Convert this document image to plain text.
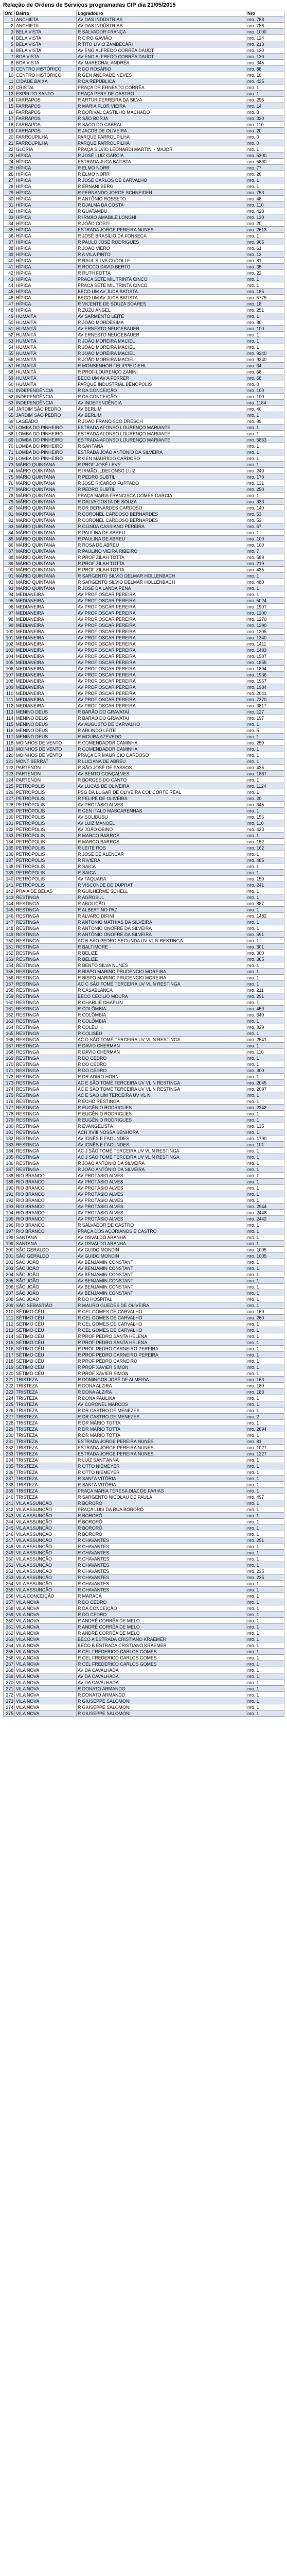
Relação de Ordens de Serviços programadas CIP dia 21/05/2015
Ord	Bairro	Logradouro	Nro
1	ANCHIETA	AV DAS INDÚSTRIAS	nro. 788
2	ANCHIETA	AV DAS INDÚSTRIAS	nro. 788
3	BELA VISTA	R SALVADOR FRANÇA	nro. 1000
4	BELA VISTA	R CIRO GAVIÃO	nro. 124
5	BELA VISTA	R TITO LIVIO ZAMBECARI	nro. 213
6	BELA VISTA	AV ENG ALFREDO CORRÊA DAUDT	nro. 130
7	BOA VISTA	AV ENG ALFREDO CORRÊA DAUDT	nro. 130
8	BOA VISTA	AV MARECHAL ANDRÉA	nro. 345
9	CENTRO HISTÓRICO	R DO ROSÁRIO	nro. 88
10	CENTRO HISTÓRICO	R GEN ANDRADE NEVES	nro. 10
11	CIDADE BAIXA	R DA REPÚBLICA	nro. 435
12	CRISTAL	PRAÇA DR ERNESTO CORRÊA	nro. 1
13	ESPÍRITO SANTO	PRAÇA PERY DE CASTRO	nro. 1
14	FARRAPOS	R ARTUR FERREIRA DA SILVA	nro. 295
15	FARRAPOS	R MARIA FLOR VIEIRA	nro. 14
16	FARRAPOS	R DORIVAL CASTILHO MACHADO	nro. 8
17	FARRAPOS	R SÃO BORJA	nro. 320
18	FARRAPOS	R SACO DO CABRAL	nro. 110
19	FARRAPOS	R JACOB DE OLIVEIRA	nro. 20
20	FARROUPILHA	PARQUE FARROUPILHA	nro. 0
21	FARROUPILHA	PARQUE FARROUPILHA	nro. 0
22	GLÓRIA	PRAÇA SILVIO LEONARDI MARTINI - MAJOR	nro. 1
23	HÍPICA	R JOSÉ LUIZ GARCIA	nro. 5300
24	HÍPICA	ESTRADA JUCA BATISTA	nro. 5890
25	HÍPICA	R ELMO NORR	nro. 77
26	HÍPICA	R ELMO NORR	nro. 20
27	HÍPICA	R JOSÉ CARLOS DE CARVALHO	nro. 1
28	HÍPICA	R ERNANI BERG	nro. 1
29	HÍPICA	R FERNANDO JORGE SCHNEIDER	nro. 753
30	HÍPICA	R ANTÔNIO ROSSETO	nro. 48
31	HÍPICA	R DJALMA DA COSTA	nro. 110
32	HÍPICA	R GUATAMBU	nro. 428
33	HÍPICA	R IRMÃO AMABILE LONGHI	nro. 130
34	HÍPICA	R JOÃO COSTI	nro. 20
35	HÍPICA	ESTRADA JORGE PEREIRA NUNES	nro. 2613
36	HÍPICA	R JOSÉ BRASÍLIO DA FONSECA	nro. 1
37	HÍPICA	R PAULO JOSÉ RODRIGUES	nro. 905
38	HÍPICA	R JOÃO VIERO	nro. 61
39	HÍPICA	R A VILA PINTO	nro. 13
40	HÍPICA	R RAUL SILVA GUDOLLE	nro. 81
41	HÍPICA	R ROCCO DAVID BERTO	nro. 35
42	HÍPICA	R RUTH FOTTA	nro. 22
43	HÍPICA	PRACA SETE MIL TRINTA CINCO	nro. 1
44	HÍPICA	PRACA SETE MIL TRINTA CINCO	nro. 1
45	HÍPICA	BECO UM AV JUCA BATISTA	nro. 185
46	HÍPICA	BECO UM AV JUCA BATISTA	nro. 5775
47	HÍPICA	R VICENTE DE SOUZA SOARES	nro. 18
48	HÍPICA	R ZUZU ANGEL	nro. 251
49	HUMAITÁ	AV SARMENTO LEITE	nro. 1
50	HUMAITÁ	R JOÃO MORDESIMA	nro. 80
51	HUMAITÁ	AV ERNESTO NEUGEBAUER	nro. 100
52	HUMAITÁ	AV ERNESTO NEUGEBAUER	nro. 1
53	HUMAITÁ	R JOÃO MOREIRA MACIEL	nro. 1
54	HUMAITÁ	R JOÃO MOREIRA MACIEL	nro. 1
55	HUMAITÁ	R JOÃO MOREIRA MACIEL	nro. 9240
56	HUMAITÁ	R JOÃO MOREIRA MACIEL	nro. 9240
57	HUMAITÁ	R MONSENHOR FELIPPE DIEHL	nro. 34
58	HUMAITÁ	R PROF LOURENÇO ZANINI	nro. 68
59	HUMAITÁ	BECO UM AV A FERRER	nro. 68
60	HUMAITÁ	PARQUE INDUSTRIAL BENOPOLIS	nro. 0
61	INDEPENDÊNCIA	R DA CONCEIÇÃO	nro. 100
62	INDEPENDÊNCIA	R DA CONCEIÇÃO	nro. 100
63	INDEPENDÊNCIA	AV INDEPENDÊNCIA	nro. 1184
64	JARDIM SÃO PEDRO	AV BERLIM	nro. 40
65	JARDIM SÃO PEDRO	AV BERLIM	nro. 1
66	LAGEADO	R JOÃO FRANCISCO DRESCH	nro. 99
67	LOMBA DO PINHEIRO	ESTRADA AFONSO LOURENÇO MARIANTE	nro. 1
68	LOMBA DO PINHEIRO	ESTRADA AFONSO LOURENÇO MARIANTE	nro. 1
69	LOMBA DO PINHEIRO	ESTRADA AFONSO LOURENÇO MARIANTE	nro. 5853
70	LOMBA DO PINHEIRO	R SANTANA	nro. 1
71	LOMBA DO PINHEIRO	ESTRADA JOÃO ANTÔNIO DA SILVEIRA	nro. 1
72	LOMBA DO PINHEIRO	R GEN MAURÍCIO CARDOSO	nro. 1
73	MÁRIO QUINTANA	R PROF JOSÉ LEVY	nro. 1
74	MÁRIO QUINTANA	R IRMÃO ILDEFONSO LUIZ	nro. 240
75	MÁRIO QUINTANA	R PEDRO SUBTIL	nro. 170
76	MÁRIO QUINTANA	R JOSÉ RICARDO FURTADO	nro. 131
77	MÁRIO QUINTANA	R PEDRO SUBTIL	nro. 250
78	MÁRIO QUINTANA	PRAÇA MARIA FRANCISCA GOMES GARCIA	nro. 1
79	MÁRIO QUINTANA	R DALVA COSTA DE SOUZA	nro. 333
80	MÁRIO QUINTANA	R DR BERNARDES CARDOSO	nro. 140
81	MÁRIO QUINTANA	R CORONEL CARDOSO BERNARDES	nro. 53
82	MÁRIO QUINTANA	R CORONEL CARDOSO BERNARDES	nro. 53
83	MÁRIO QUINTANA	R OLINDA CASSIANO PEREIRA	nro. 67
84	MÁRIO QUINTANA	R PAULINA DE ABREU	nro. 1
85	MÁRIO QUINTANA	R PAULINA DE ABREU	nro. 100
86	MÁRIO QUINTANA	R ROSA DE ABREU	nro. 100
87	MÁRIO QUINTANA	R PAULINO VIEIRA RIBEIRO	nro. 7
88	MÁRIO QUINTANA	R PROF ZILAH TOTTA	nro. 589
89	MÁRIO QUINTANA	R PROF ZILAH TOTTA	nro. 219
90	MÁRIO QUINTANA	R PROF ZILAH TOTTA	nro. 435
91	MÁRIO QUINTANA	R SARGENTO SILVIO DELMAR HOLLENBACH	nro. 1
92	MÁRIO QUINTANA	R SARGENTO SILVIO DELMAR HOLLENBACH	nro. 480
93	MÁRIO QUINTANA	R JOSÉ DA LANDA PENA	nro. 1
94	MEDIANEIRA	AV PROF OSCAR PEREIRA	nro. 1
95	MEDIANEIRA	AV PROF OSCAR PEREIRA	nro. 5024
96	MEDIANEIRA	AV PROF OSCAR PEREIRA	nro. 1907
97	MEDIANEIRA	AV PROF OSCAR PEREIRA	nro. 1200
98	MEDIANEIRA	AV PROF OSCAR PEREIRA	nro. 1270
99	MEDIANEIRA	AV PROF OSCAR PEREIRA	nro. 1290
100	MEDIANEIRA	AV PROF OSCAR PEREIRA	nro. 1305
101	MEDIANEIRA	AV PROF OSCAR PEREIRA	nro. 1340
102	MEDIANEIRA	AV PROF OSCAR PEREIRA	nro. 1411
103	MEDIANEIRA	AV PROF OSCAR PEREIRA	nro. 1493
104	MEDIANEIRA	AV PROF OSCAR PEREIRA	nro. 1587
105	MEDIANEIRA	AV PROF OSCAR PEREIRA	nro. 1855
106	MEDIANEIRA	AV PROF OSCAR PEREIRA	nro. 1894
107	MEDIANEIRA	AV PROF OSCAR PEREIRA	nro. 1936
108	MEDIANEIRA	AV PROF OSCAR PEREIRA	nro. 1957
109	MEDIANEIRA	AV PROF OSCAR PEREIRA	nro. 1984
110	MEDIANEIRA	AV PROF OSCAR PEREIRA	nro. 2041
111	MEDIANEIRA	AV PROF OSCAR PEREIRA	nro. 7370
112	MEDIANEIRA	AV PROF OSCAR PEREIRA	nro. 3817
113	MENINO DEUS	R BARÃO DO GRAVATAÍ	nro. 127
114	MENINO DEUS	R BARÃO DO GRAVATAÍ	nro. 197
115	MENINO DEUS	AV AUGUSTO DE CARVALHO	nro. 1
116	MENINO DEUS	R ARLINDO LEITE	nro. 5
117	MENINO DEUS	R MOURA AZEVEDO	nro. 1
118	MOINHOS DE VENTO	R COMENDADOR CAMINHA	nro. 250
119	MOINHOS DE VENTO	R COMENDADOR CAMINHA	nro. 1
120	MOINHOS DE VENTO	PRAÇA DR MAURÍCIO CARDOSO	nro. 1
121	MONT SERRAT	R LUCIANA DE ABREU	nro. 1
122	PARTENON	R SÃO JOSÉ DE PASSOS	nro. 435
123	PARTENON	AV BENTO GONÇALVES	nro. 1887
124	PARTENON	R BORGES DO CANTO	nro. 1
125	PETRÓPOLIS	AV LUCAS DE OLIVEIRA	nro. 1124
126	PETRÓPOLIS	PSG DA LUGAR DE OLIVEIRA COL CORTE REAL	nro. 1
127	PETRÓPOLIS	R FELIPE DE OLIVEIRA	nro. 20
128	PETRÓPOLIS	AV PROTÁSIO ALVES	nro. 345
129	PETRÓPOLIS	R GEN ITALO MASCARENHAS	nro. 1
130	PETRÓPOLIS	AV SOLIDUSU	nro. 156
131	PETRÓPOLIS	AV LUIZ MANOEL	nro. 110
132	PETRÓPOLIS	AV JOÃO OBINO	nro. 423
133	PETRÓPOLIS	R MARCO BARROS	nro. 1
134	PETRÓPOLIS	R MARCO BARROS	nro. 152
135	PETRÓPOLIS	R LEITE ROS	nro. 162
136	PETRÓPOLIS	R JOSÉ DE ALENCAR	nro. 1
137	PETRÓPOLIS	R RIVIERA	nro. 485
138	PETRÓPOLIS	R SAICA	nro. 1
139	PETRÓPOLIS	R SAICA	nro. 1
140	PETRÓPOLIS	AV TAQUARA	nro. 159
141	PETRÓPOLIS	R VISCONDE DE DUPRAT	nro. 241
142	PRAIA DE BELAS	R GUILHERME SCHELL	nro. 1
143	RESTINGA	R AGROSUL	nro. 1
144	RESTINGA	R ABOLIÇÃO	nro. 887
145	RESTINGA	R ALBERTINO PAZ	nro. 1
146	RESTINGA	R ALVARO DIFINI	nro. 1482
147	RESTINGA	R ANTONIO MATHIAS DA SILVEIRA	nro. 1
148	RESTINGA	R ANTÔNIO ONOFRE DA SILVEIRA	nro. 1
149	RESTINGA	R ANTÔNIO ONOFRE DA SILVEIRA	nro. 591
150	RESTINGA	AC B SAO PEDRO SEGUNDA UV VL N RESTINGA	nro. 1
151	RESTINGA	R BALTIMORE	nro. 301
152	RESTINGA	R BELIZE	nro. 300
153	RESTINGA	R BELIZE	nro. 365
154	RESTINGA	R BENTO SILVA NUNES	nro. 1
155	RESTINGA	R BISPO MARINO PRUDENCIO MOREIRA	nro. 1
156	RESTINGA	R BISPO MARINO PRUDENCIO MOREIRA	nro. 1
157	RESTINGA	AC C SÃO TOMÉ TERCEIRA UV VL N RESTINGA	nro. 1
158	RESTINGA	R CASABLANCA	nro. 211
159	RESTINGA	BECO CECILIO MOURA	nro. 291
160	RESTINGA	R CHARLIE CHAPLIN	nro. 1
161	RESTINGA	R COLÔMBIA	nro. 450
162	RESTINGA	R COLÔMBIA	nro. 640
163	RESTINGA	R COLÔMBIA	nro. 1
164	RESTINGA	R COLEU	nro. 829
165	RESTINGA	R COLISEU	nro. 1
166	RESTINGA	AC D SÃO TOMÉ TERCEIRA UV VL N RESTINGA	nro. 2541
167	RESTINGA	R DAVID CHERMAN	nro. 1
168	RESTINGA	R DAVID CHERMAN	nro. 110
169	RESTINGA	R DO CEDRO	nro. 1
170	RESTINGA	R DO CEDRO	nro. 1
171	RESTINGA	R DO CEDRO	nro. 300
172	RESTINGA	R DR ADIRO HORN	nro. 1
173	RESTINGA	AC E SÃO TOMÉ TERCEIRA UV VL N RESTINGA	nro. 2045
174	RESTINGA	AC E SÃO TOMÉ TERCEIRA UV VL N RESTINGA	nro. 2097
175	RESTINGA	AC E SÃO LIM TERCEIRA UV VL N	nro. 1
176	RESTINGA	R ECHO RESTINGA	nro. 1
177	RESTINGA	R EUGÊNIO RODRIGUES	nro. 2342
178	RESTINGA	R EUGÊNIO RODRIGUES	nro. 1
179	RESTINGA	R EUGÊNIO RODRIGUES	nro. 1
180	RESTINGA	R EVANGELISTA	nro. 135
181	RESTINGA	ACH XVIII NOSSA SENHORA	nro. 1
182	RESTINGA	AV IGNÊS E FAGUNDES	nro. 1790
183	RESTINGA	AV IGNÊS E FAGUNDES	nro. 101
184	RESTINGA	AC J SÃO TOMÉ TERCEIRA UV VL N RESTINGA	nro. 1
185	RESTINGA	AC J SÃO TOMÉ TERCEIRA UV VL N RESTINGA	nro. 1
186	RESTINGA	R JOÃO ANTÔNIO DA SILVEIRA	nro. 1
187	RESTINGA	R JOÃO ANTÔNIO DA SILVEIRA	nro. 1
188	RIO BRANCO	AV PROTÁSIO ALVES	nro. 1
189	RIO BRANCO	AV PROTÁSIO ALVES	nro. 1
190	RIO BRANCO	AV PROTÁSIO ALVES	nro. 1
191	RIO BRANCO	AV PROTÁSIO ALVES	nro. 1
192	RIO BRANCO	AV PROTÁSIO ALVES	nro. 1
193	RIO BRANCO	AV PROTÁSIO ALVES	nro. 2944
194	RIO BRANCO	AV PROTÁSIO ALVES	nro. 2448
195	RIO BRANCO	AV PROTÁSIO ALVES	nro. 2442
196	RIO BRANCO	R SALVADOR DE CASTRO	nro. 1
197	RIO BRANCO	PRAÇA DOS AÇORIANOS E CASTRO	nro. 1
198	SANTANA	AV OSVALDO ARANHA	nro. 1
199	SANTANA	AV OSVALDO ARANHA	nro. 1
200	SÃO GERALDO	AV GUIDO MONDIN	nro. 1005
201	SÃO GERALDO	AV GUIDO MONDIN	nro. 1005
202	SÃO JOÃO	AV BENJAMIN CONSTANT	nro. 1
203	SÃO JOÃO	AV BENJAMIN CONSTANT	nro. 1
204	SÃO JOÃO	AV BENJAMIN CONSTANT	nro. 1
205	SÃO JOÃO	AV BENJAMIN CONSTANT	nro. 1
206	SÃO JOÃO	AV BENJAMIN CONSTANT	nro. 1
207	SÃO JOÃO	AV BENJAMIN CONSTANT	nro. 1
208	SÃO JOÃO	R DO HOSPITAL	nro. 1
209	SÃO SEBASTIÃO	R MAURO GUEDES DE OLIVEIRA	nro. 1
210	SÉTIMO CÉU	R CEL GOMES DE CARVALHO	nro. 169
211	SÉTIMO CÉU	R CEL GOMES DE CARVALHO	nro. 260
212	SÉTIMO CÉU	R CEL GOMES DE CARVALHO	nro. 1
213	SÉTIMO CÉU	R CEL GOMES DE CARVALHO	nro. 1
214	SÉTIMO CÉU	R PROF PEDRO SANTA HELENA	nro. 1
215	SÉTIMO CÉU	R PROF PEDRO SANTA HELENA	nro. 1
216	SÉTIMO CÉU	R PROF PEDRO CARNEIRO PEREIRA	nro. 1
217	SÉTIMO CÉU	R PROF PEDRO CARNEIRO PEREIRA	nro. 1
218	SÉTIMO CÉU	R PROF PEDRO CARNEIRO	nro. 1
219	SÉTIMO CÉU	R PROF XAVIER SIMON	nro. 1
220	SÉTIMO CÉU	R PROF XAVIER SIMON	nro. 1
221	TRISTEZA	R DOMINGOS JOSÉ DE ALMEIDA	nro. 163
222	TRISTEZA	R DONA ALZIRA	nro. 180
223	TRISTEZA	R DONA ALZIRA	nro. 183
224	TRISTEZA	R DONA PAULINA	nro. 1
225	TRISTEZA	AV CORONEL MARCOS	nro. 1
226	TRISTEZA	R DR CASTRO DE MENEZES	nro. 1
227	TRISTEZA	R DR CASTRO DE MENEZES	nro. 2
228	TRISTEZA	R DR MÁRIO TOTTA	nro. 1
229	TRISTEZA	R DR MÁRIO TOTTA	nro. 2694
230	TRISTEZA	R DR MÁRIO TOTTA	nro. 1
231	TRISTEZA	ESTRADA JORGE PEREIRA NUNES	nro. 81
232	TRISTEZA	ESTRADA JORGE PEREIRA NUNES	nro. 1027
233	TRISTEZA	ESTRADA JORGE PEREIRA NUNES	nro. 1227
234	TRISTEZA	R LUIZ SANT'ANNA	nro. 1
235	TRISTEZA	R OTTO NIEMEYER	nro. 1
236	TRISTEZA	R OTTO NIEMEYER	nro. 1
237	TRISTEZA	R SANTA VITÓRIA	nro. 1
238	TRISTEZA	R SANTA VITÓRIA	nro. 1
239	TRISTEZA	PRAÇA MARIA TERESA DIAZ DE FARIAS	nro. 1
240	TRISTEZA	R SARGENTO NICOLAU DE PAULA	nro. 497
241	VILA ASSUNÇÃO	R BORORÓ	nro. 1
242	VILA ASSUNÇÃO	PRAÇA LUIS DA RUA BORORÓ	nro. 1
243	VILA ASSUNÇÃO	R BORORÓ	nro. 1
244	VILA ASSUNÇÃO	R BORORÓ	nro. 1
245	VILA ASSUNÇÃO	R BORORÓ	nro. 1
246	VILA ASSUNÇÃO	R BORORÓ	nro. 1
247	VILA ASSUNÇÃO	R CHAVANTES	nro. 251
248	VILA ASSUNÇÃO	R CHAVANTES	nro. 1
249	VILA ASSUNÇÃO	R CHAVANTES	nro. 1
250	VILA ASSUNÇÃO	R CHAVANTES	nro. 1
251	VILA ASSUNÇÃO	R CHAVANTES	nro. 1
252	VILA ASSUNÇÃO	R CHAVANTES	nro. 235
253	VILA ASSUNÇÃO	R CHAVANTES	nro. 235
254	VILA ASSUNÇÃO	R CHAVANTES	nro. 1
255	VILA ASSUNÇÃO	R CHAVANTES	nro. 1
256	VILA CONCEIÇÃO	R MARACÁ	nro. 1
257	VILA NOVA	R DO CEDRO	nro. 1
258	VILA NOVA	R DA CONCEIÇÃO	nro. 1
259	VILA NOVA	R DO CEDRO	nro. 1
260	VILA NOVA	R ANDRÉ CORRÊA DE MELO	nro. 1
261	VILA NOVA	R ANDRÉ CORRÊA DE MELO	nro. 1
262	VILA NOVA	R ANDRÉ CORRÊA DE MELO	nro. 1
263	VILA NOVA	BECO A ESTRADA CRISTIANO KRAEMER	nro. 1
264	VILA NOVA	BECO B ESTRADA CRISTIANO KRAEMER	nro. 1
265	VILA NOVA	R CEL FREDERICO CARLOS GOMES	nro. 1
266	VILA NOVA	R CEL FREDERICO CARLOS GOMES	nro. 1
267	VILA NOVA	R CEL FREDERICO CARLOS GOMES	nro. 1
268	VILA NOVA	AV DA CAVALHADA	nro. 1
269	VILA NOVA	AV DA CAVALHADA	nro. 1
270	VILA NOVA	AV DA CAVALHADA	nro. 1
271	VILA NOVA	R DONATO ARMANDO	nro. 1
272	VILA NOVA	R DONATO ARMANDO	nro. 1
273	VILA NOVA	R GIUSEPPE SALOMONI	nro. 1
274	VILA NOVA	R GIUSEPPE SALOMONI	nro. 1
275	VILA NOVA	R GIUSEPPE SALOMONI	nro. 1
